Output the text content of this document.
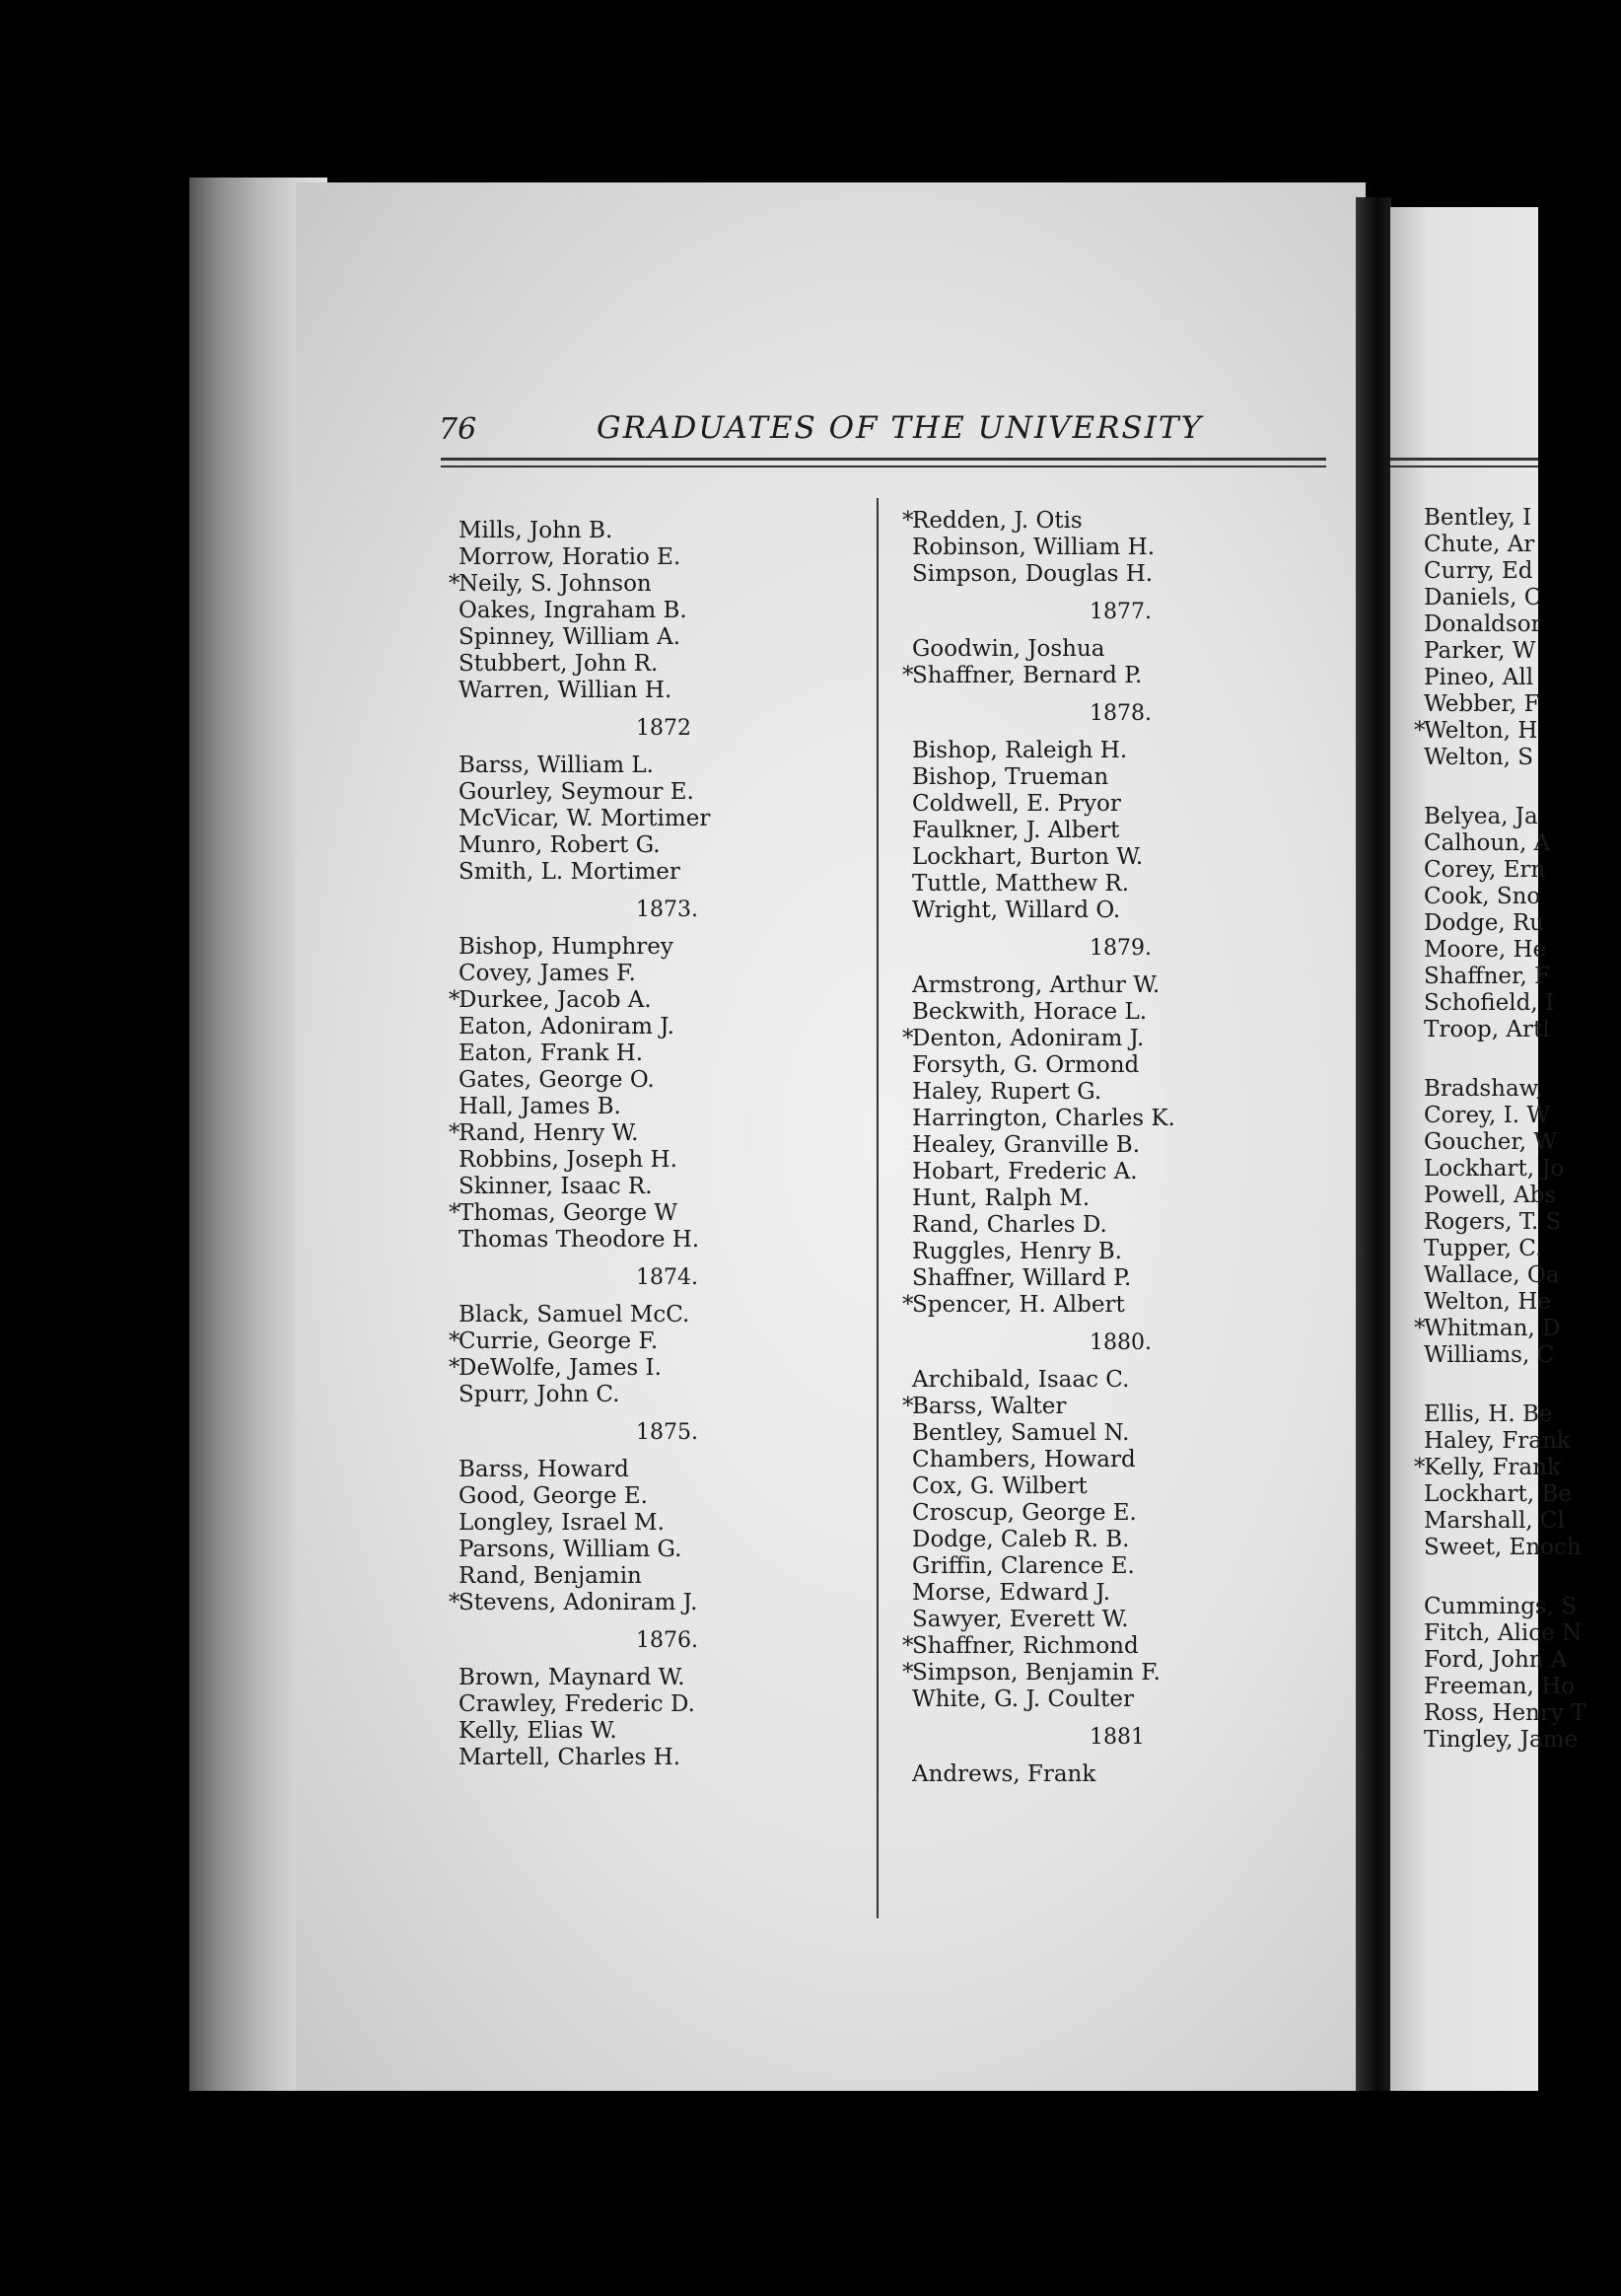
Bentley, I
Chute, Ar
Curry, Ed
Daniels, C
Donaldsor
Parker, W
Pineo, All
Webber, F
*Welton, H
Welton, S
Belyea, Ja
Calhoun, A
Corey, Ern
Cook, Sno
Dodge, Ru
Moore, He
Shaffner, F
Schofield, I
Troop, Artl
Bradshaw,
Corey, I. W
Goucher, W
Lockhart, Jo
Powell, Abs
Rogers, T. S
Tupper, C.
Wallace, Oa
Welton, He
*Whitman, D
Williams, C
Ellis, H. Be
Haley, Frank
*Kelly, Frank
Lockhart, Be
Marshall, Cl
Sweet, Enoch
Cummings, S
Fitch, Alice N
Ford, John A
Freeman, Ho
Ross, Henry T
Tingley, Jame
76	GRADUATES OF THE UNIVERSITY
Mills, John B.
Morrow, Horatio E.
*Neily, S. Johnson
Oakes, Ingraham B.
Spinney, William A.
Stubbert, John R.
Warren, Willian H.
1872
Barss, William L.
Gourley, Seymour E.
McVicar, W. Mortimer
Munro, Robert G.
Smith, L. Mortimer
1873.
Bishop, Humphrey
Covey, James F.
*Durkee, Jacob A.
Eaton, Adoniram J.
Eaton, Frank H.
Gates, George O.
Hall, James B.
*Rand, Henry W.
Robbins, Joseph H.
Skinner, Isaac R.
*Thomas, George W
Thomas Theodore H.
1874.
Black, Samuel McC.
*Currie, George F.
*DeWolfe, James I.
Spurr, John C.
1875.
Barss, Howard
Good, George E.
Longley, Israel M.
Parsons, William G.
Rand, Benjamin
*Stevens, Adoniram J.
1876.
Brown, Maynard W.
Crawley, Frederic D.
Kelly, Elias W.
Martell, Charles H.
*Redden, J. Otis
Robinson, William H.
Simpson, Douglas H.
1877.
Goodwin, Joshua
*Shaffner, Bernard P.
1878.
Bishop, Raleigh H.
Bishop, Trueman
Coldwell, E. Pryor
Faulkner, J. Albert
Lockhart, Burton W.
Tuttle, Matthew R.
Wright, Willard O.
1879.
Armstrong, Arthur W.
Beckwith, Horace L.
*Denton, Adoniram J.
Forsyth, G. Ormond
Haley, Rupert G.
Harrington, Charles K.
Healey, Granville B.
Hobart, Frederic A.
Hunt, Ralph M.
Rand, Charles D.
Ruggles, Henry B.
Shaffner, Willard P.
*Spencer, H. Albert
1880.
Archibald, Isaac C.
*Barss, Walter
Bentley, Samuel N.
Chambers, Howard
Cox, G. Wilbert
Croscup, George E.
Dodge, Caleb R. B.
Griffin, Clarence E.
Morse, Edward J.
Sawyer, Everett W.
*Shaffner, Richmond
*Simpson, Benjamin F.
White, G. J. Coulter
1881
Andrews, Frank
